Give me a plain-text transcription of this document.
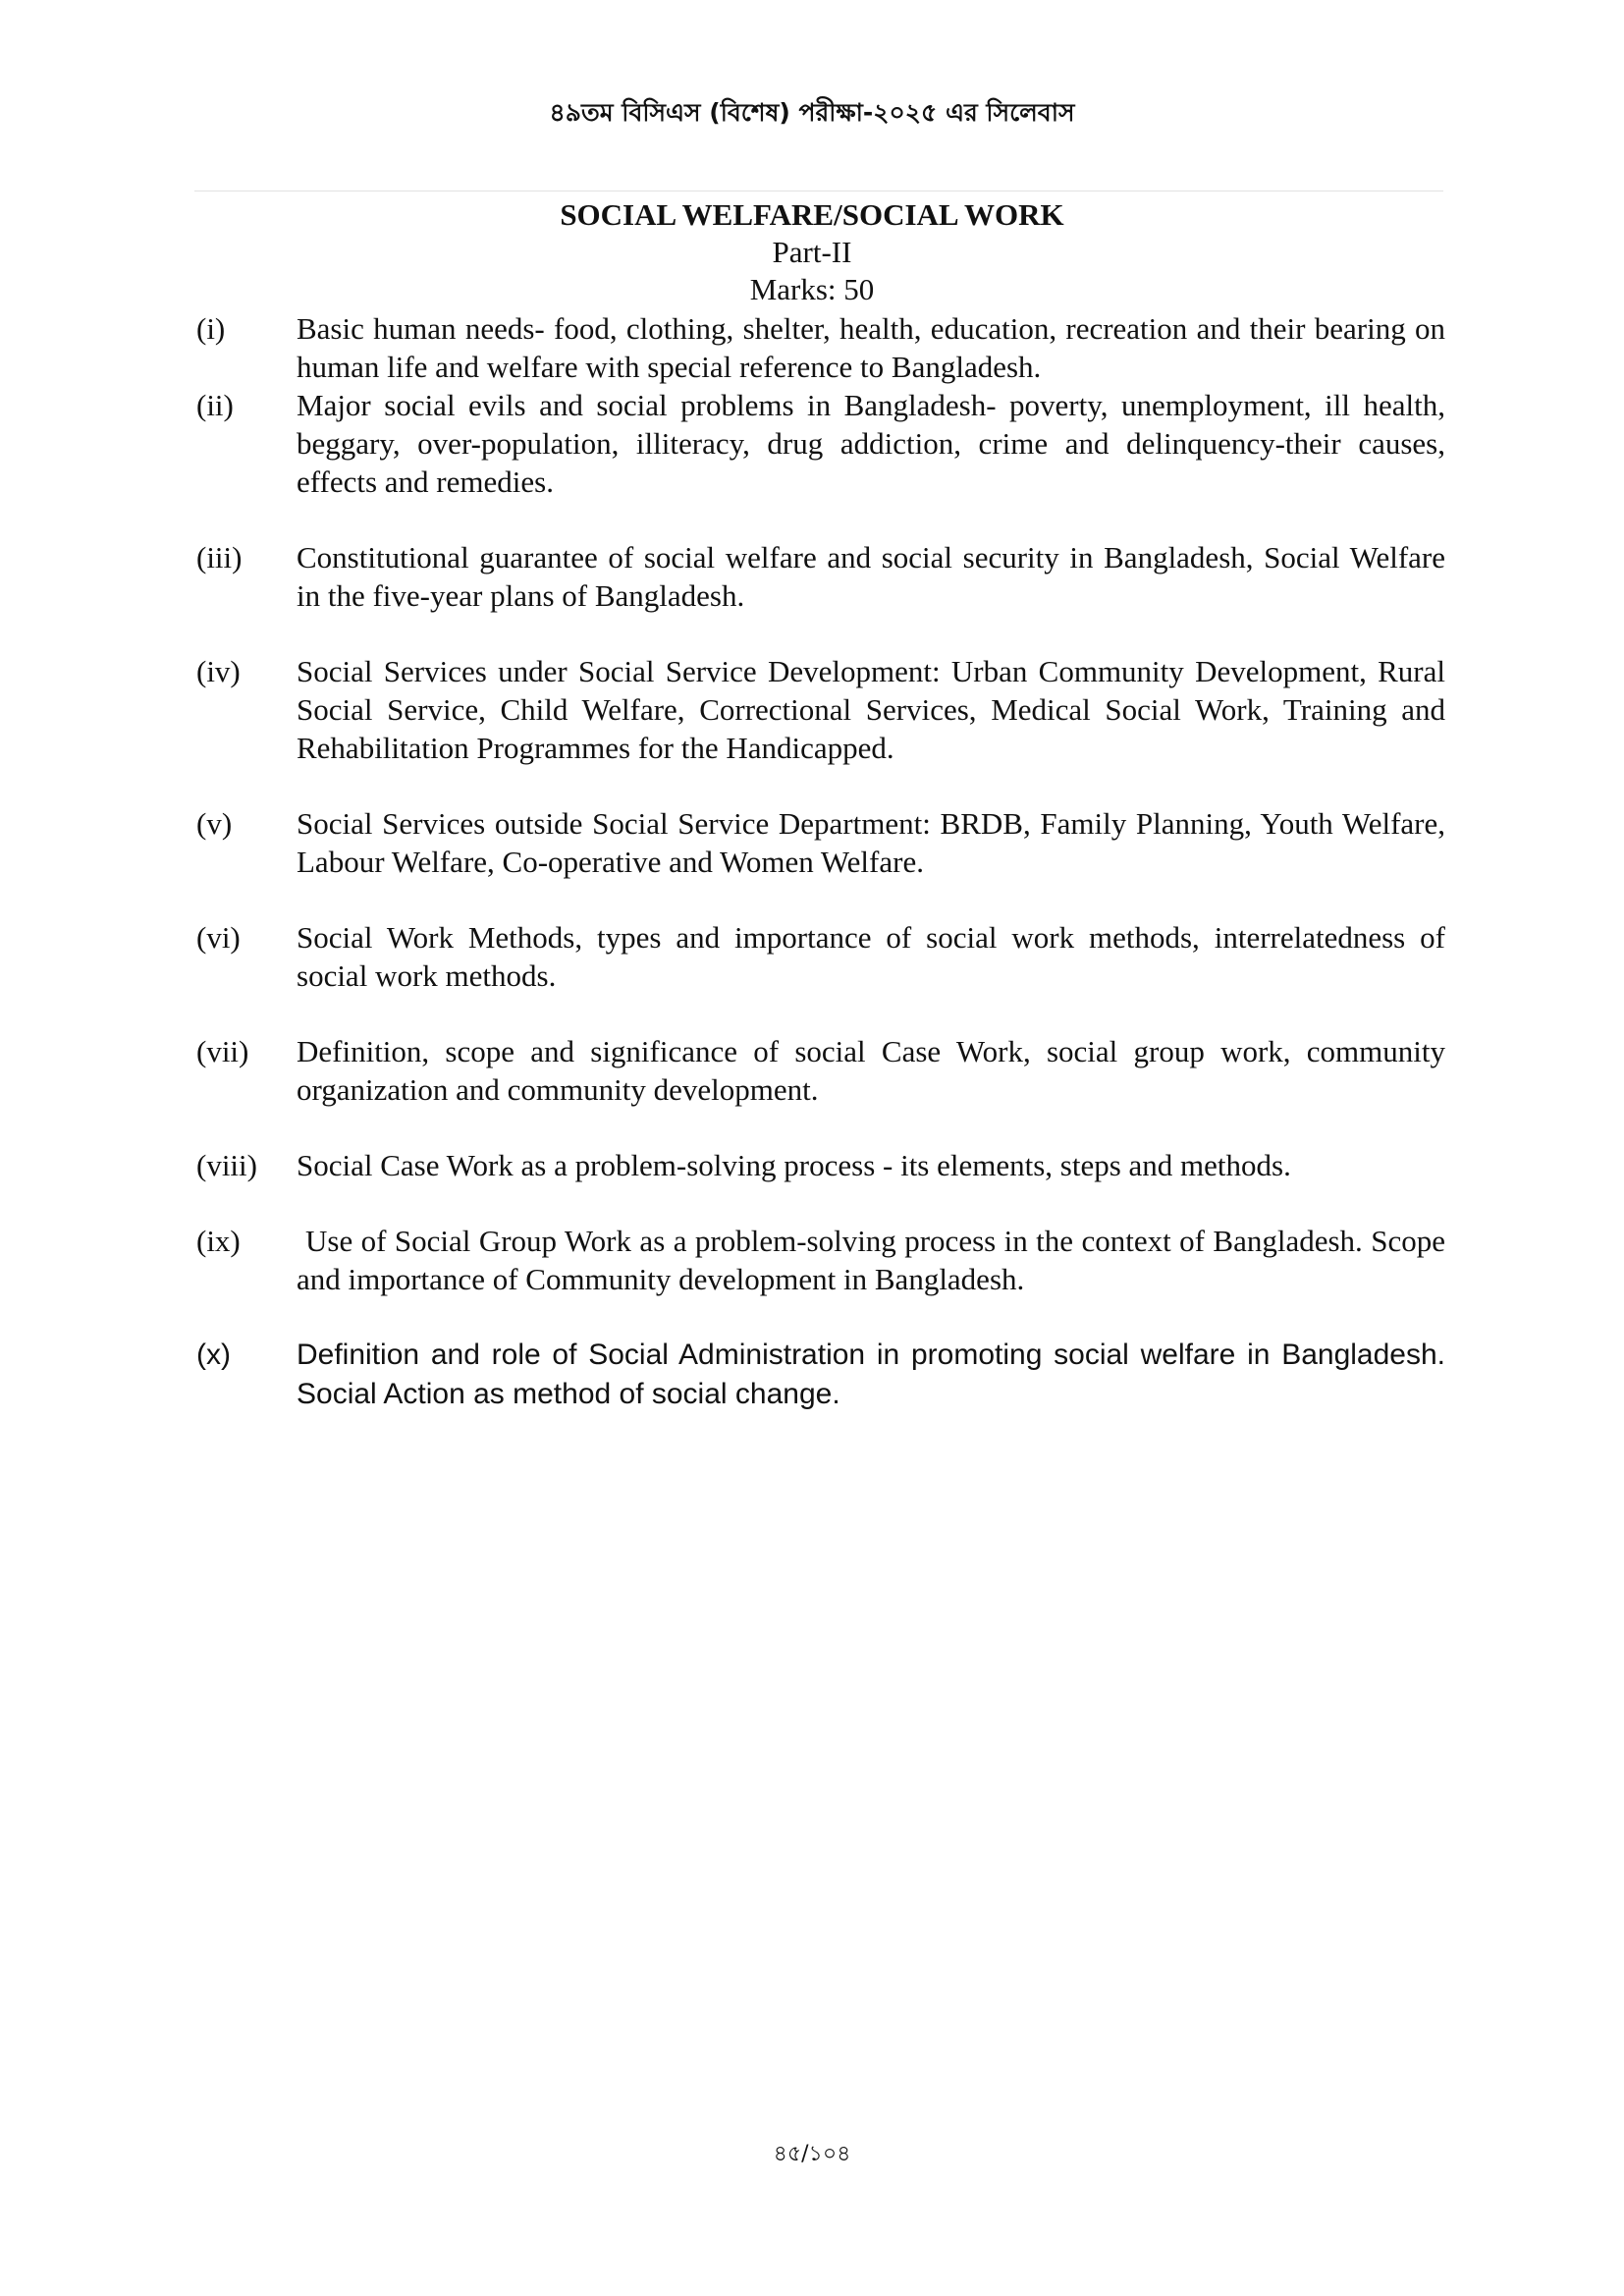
৪৯তম বিসিএস (বিশেষ) পরীক্ষা-২০২৫ এর সিলেবাস
SOCIAL WELFARE/SOCIAL WORK
Part-II
Marks: 50
(i) Basic human needs- food, clothing, shelter, health, education, recreation and their bearing on human life and welfare with special reference to Bangladesh.
(ii) Major social evils and social problems in Bangladesh- poverty, unemployment, ill health, beggary, over-population, illiteracy, drug addiction, crime and delinquency-their causes, effects and remedies.
(iii) Constitutional guarantee of social welfare and social security in Bangladesh, Social Welfare in the five-year plans of Bangladesh.
(iv) Social Services under Social Service Development: Urban Community Development, Rural Social Service, Child Welfare, Correctional Services, Medical Social Work, Training and Rehabilitation Programmes for the Handicapped.
(v) Social Services outside Social Service Department: BRDB, Family Planning, Youth Welfare, Labour Welfare, Co-operative and Women Welfare.
(vi) Social Work Methods, types and importance of social work methods, interrelatedness of social work methods.
(vii) Definition, scope and significance of social Case Work, social group work, community organization and community development.
(viii) Social Case Work as a problem-solving process - its elements, steps and methods.
(ix) Use of Social Group Work as a problem-solving process in the context of Bangladesh. Scope and importance of Community development in Bangladesh.
(x) Definition and role of Social Administration in promoting social welfare in Bangladesh. Social Action as method of social change.
৪৫/১০৪
